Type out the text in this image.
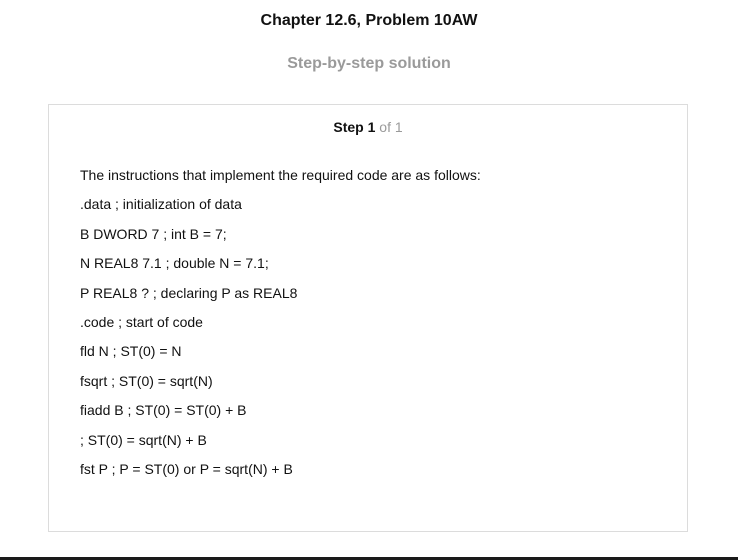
Chapter 12.6, Problem 10AW
Step-by-step solution
Step 1 of 1
The instructions that implement the required code are as follows:
.data ; initialization of data
B DWORD 7 ; int B = 7;
N REAL8 7.1 ; double N = 7.1;
P REAL8 ? ; declaring P as REAL8
.code ; start of code
fld N ; ST(0) = N
fsqrt ; ST(0) = sqrt(N)
fiadd B ; ST(0) = ST(0) + B
; ST(0) = sqrt(N) + B
fst P ; P = ST(0) or P = sqrt(N) + B
